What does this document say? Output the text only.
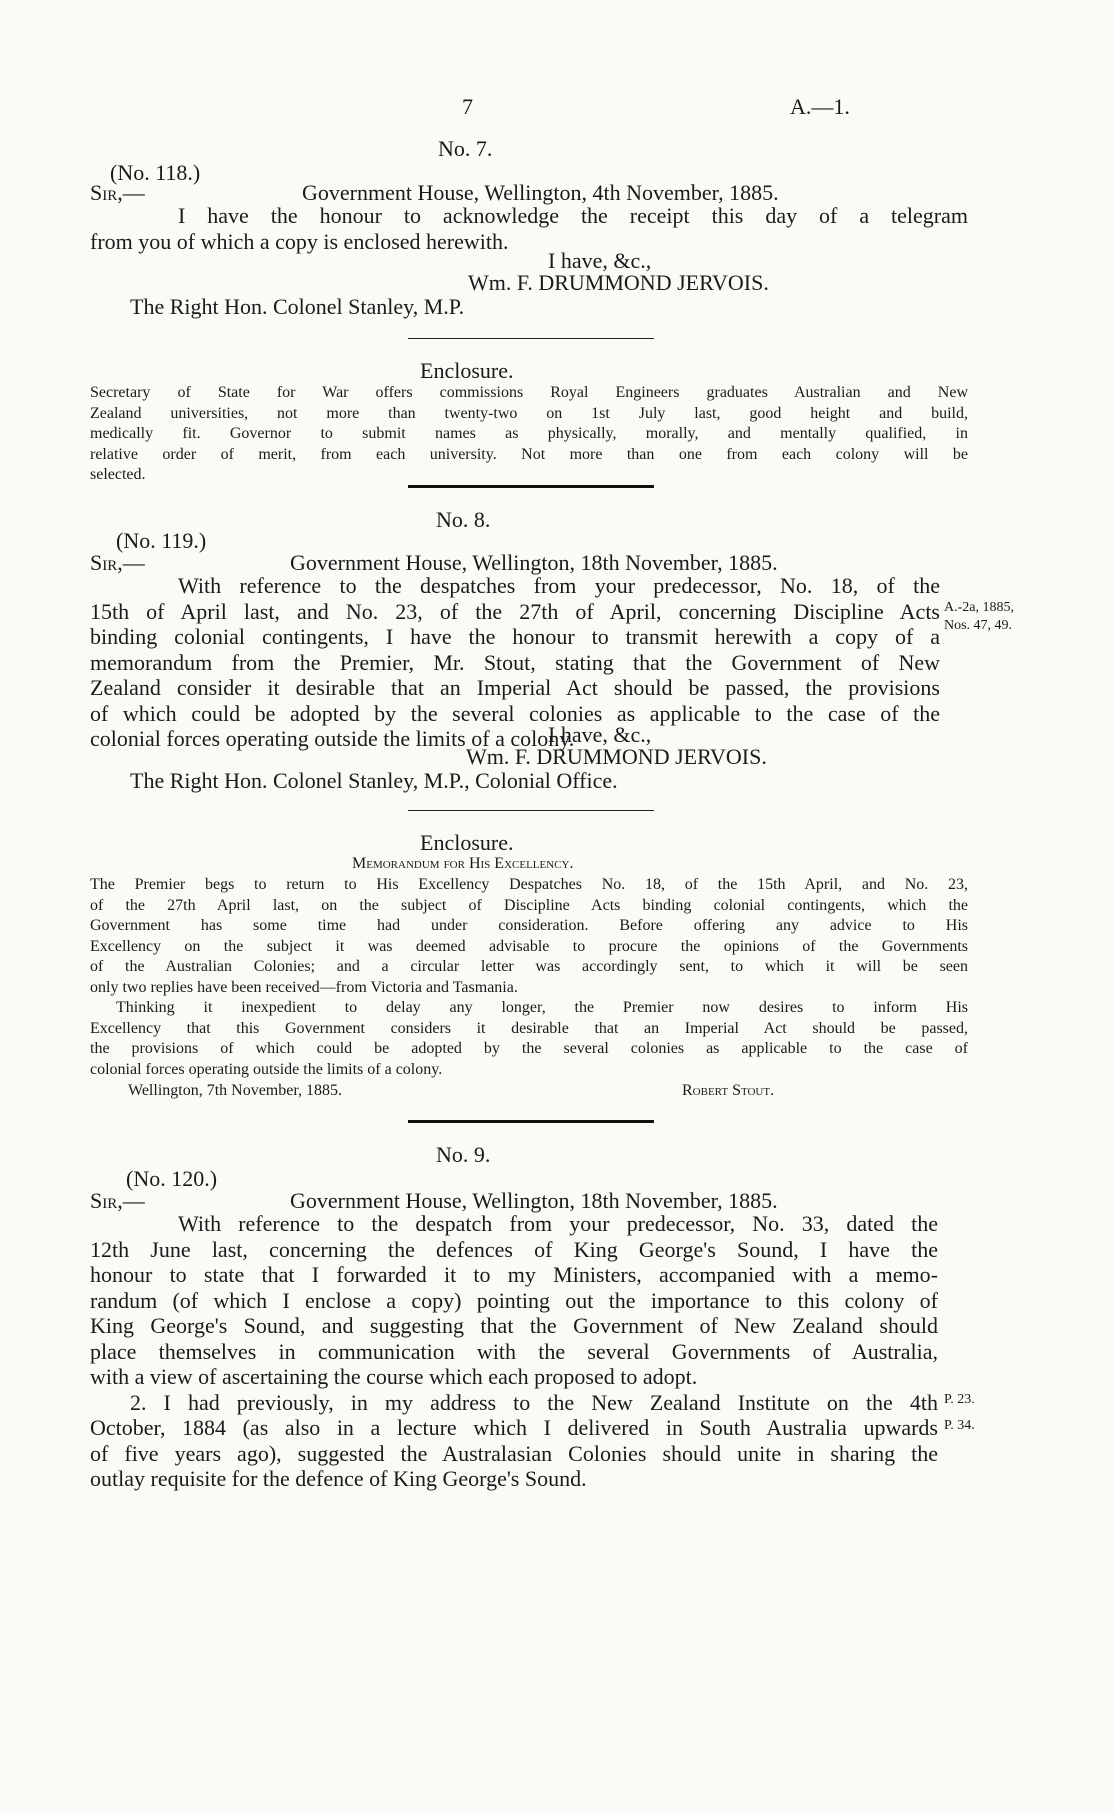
7	A.—1.
No. 7.
(No. 118.)
Sir,—	Government House, Wellington, 4th November, 1885.
I have the honour to acknowledge the receipt this day of a telegram
from you of which a copy is enclosed herewith.
I have, &c.,
Wm. F. DRUMMOND JERVOIS.
The Right Hon. Colonel Stanley, M.P.
Enclosure.
Secretary of State for War offers commissions Royal Engineers graduates Australian and New
Zealand universities, not more than twenty-two on 1st July last, good height and build,
medically fit. Governor to submit names as physically, morally, and mentally qualified, in
relative order of merit, from each university. Not more than one from each colony will be
selected.
No. 8.
(No. 119.)
Sir,—	Government House, Wellington, 18th November, 1885.
With reference to the despatches from your predecessor, No. 18, of the
15th of April last, and No. 23, of the 27th of April, concerning Discipline Acts
binding colonial contingents, I have the honour to transmit herewith a copy of a
memorandum from the Premier, Mr. Stout, stating that the Government of New
Zealand consider it desirable that an Imperial Act should be passed, the provisions
of which could be adopted by the several colonies as applicable to the case of the
colonial forces operating outside the limits of a colony.
A.-2a, 1885,
Nos. 47, 49.
I have, &c.,
Wm. F. DRUMMOND JERVOIS.
The Right Hon. Colonel Stanley, M.P., Colonial Office.
Enclosure.
Memorandum for His Excellency.
The Premier begs to return to His Excellency Despatches No. 18, of the 15th April, and No. 23,
of the 27th April last, on the subject of Discipline Acts binding colonial contingents, which the
Government has some time had under consideration. Before offering any advice to His
Excellency on the subject it was deemed advisable to procure the opinions of the Governments
of the Australian Colonies; and a circular letter was accordingly sent, to which it will be seen
only two replies have been received—from Victoria and Tasmania.
Thinking it inexpedient to delay any longer, the Premier now desires to inform His
Excellency that this Government considers it desirable that an Imperial Act should be passed,
the provisions of which could be adopted by the several colonies as applicable to the case of
colonial forces operating outside the limits of a colony.
Wellington, 7th November, 1885.	Robert Stout.
No. 9.
(No. 120.)
Sir,—	Government House, Wellington, 18th November, 1885.
With reference to the despatch from your predecessor, No. 33, dated the
12th June last, concerning the defences of King George's Sound, I have the
honour to state that I forwarded it to my Ministers, accompanied with a memo-
randum (of which I enclose a copy) pointing out the importance to this colony of
King George's Sound, and suggesting that the Government of New Zealand should
place themselves in communication with the several Governments of Australia,
with a view of ascertaining the course which each proposed to adopt.
2. I had previously, in my address to the New Zealand Institute on the 4th
October, 1884 (as also in a lecture which I delivered in South Australia upwards
of five years ago), suggested the Australasian Colonies should unite in sharing the
outlay requisite for the defence of King George's Sound.
P. 23.
P. 34.
